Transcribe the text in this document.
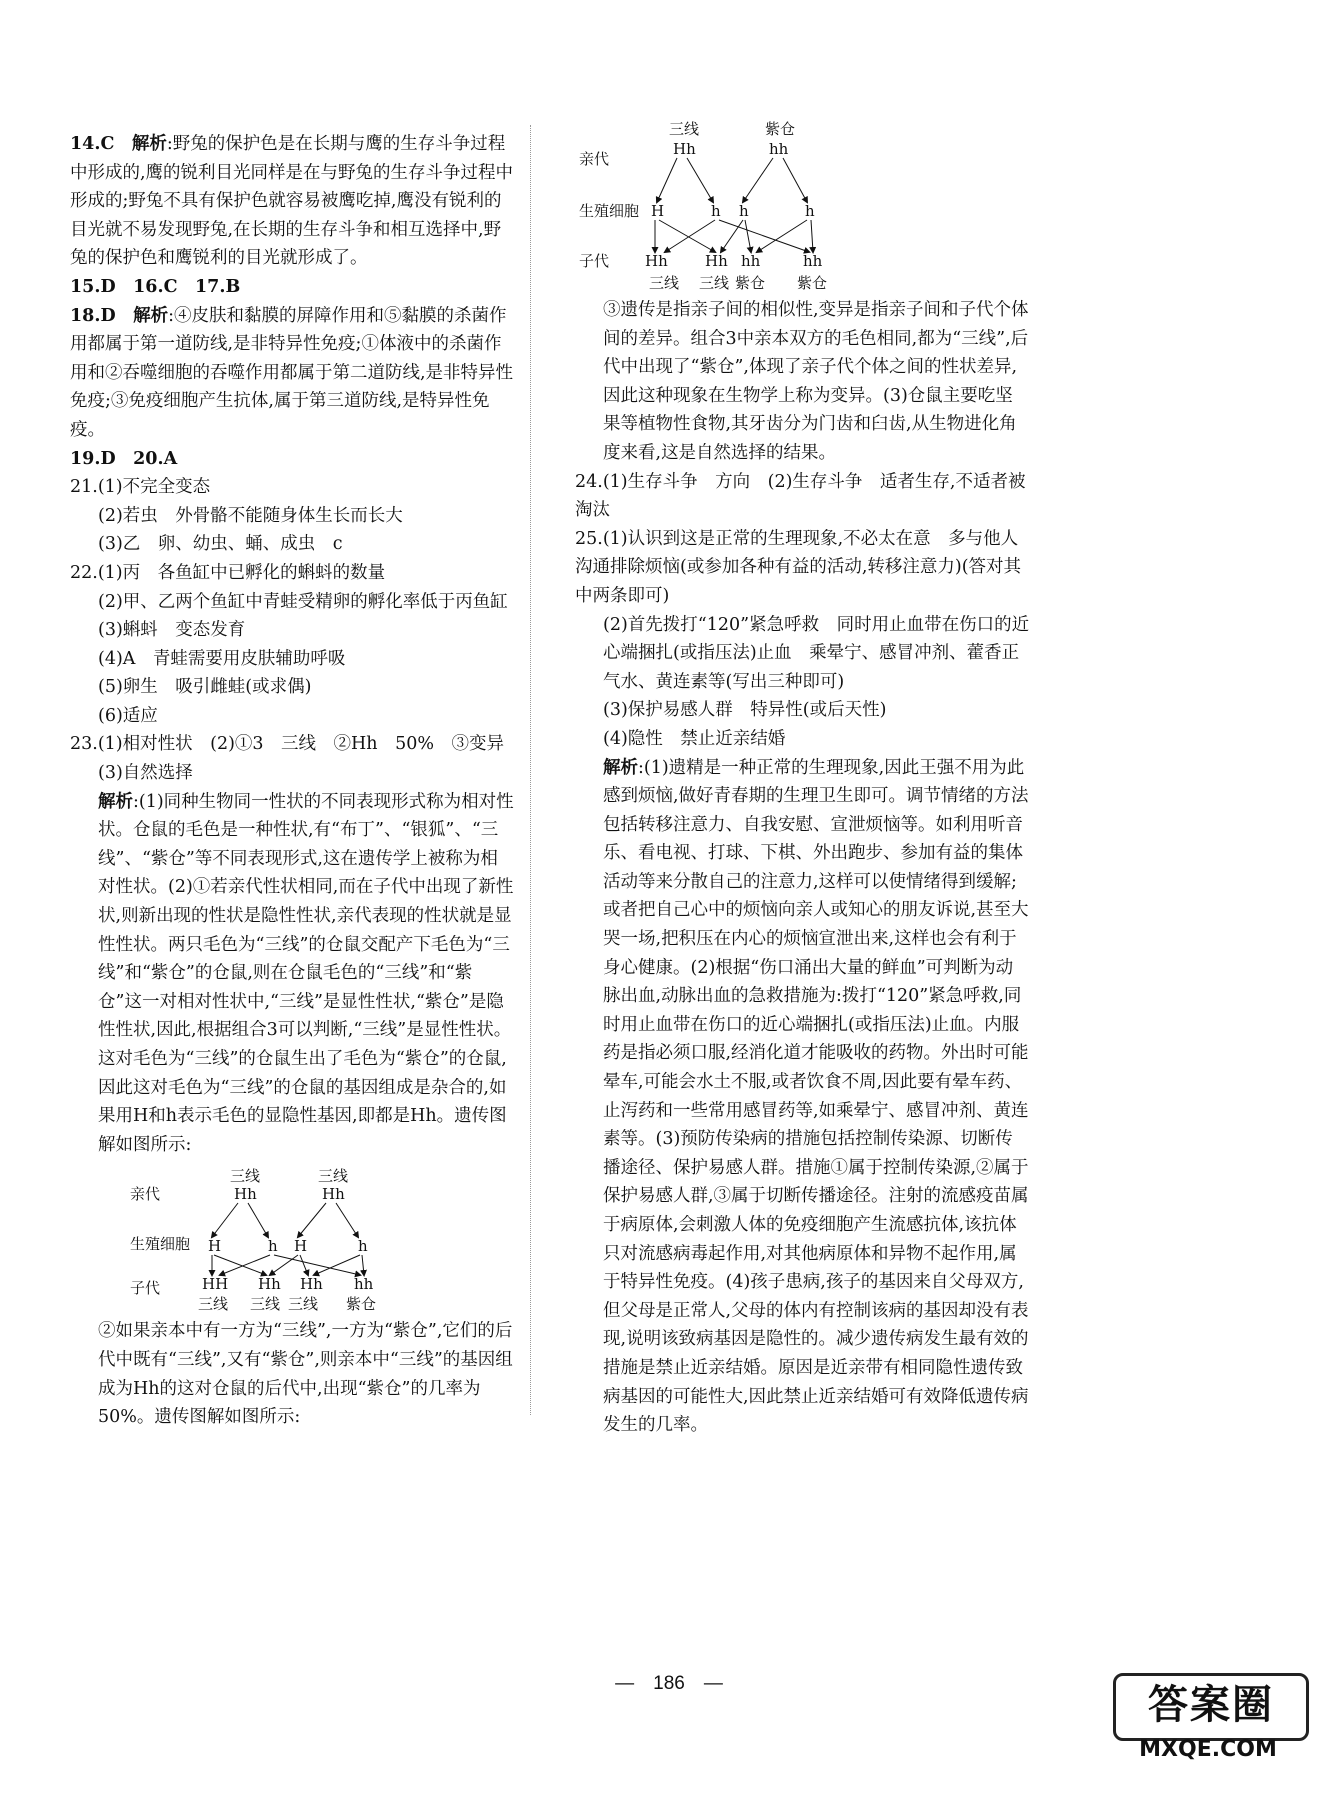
14.C　 解析:野兔的保护色是在长期与鹰的生存斗争过程中形成的,鹰的锐利目光同样是在与野兔的生存斗争过程中形成的;野兔不具有保护色就容易被鹰吃掉,鹰没有锐利的目光就不易发现野兔,在长期的生存斗争和相互选择中,野兔的保护色和鹰锐利的目光就形成了。

15.D　16.C　17.B

18.D　 解析:④皮肤和黏膜的屏障作用和⑤黏膜的杀菌作用都属于第一道防线,是非特异性免疫;①体液中的杀菌作用和②吞噬细胞的吞噬作用都属于第二道防线,是非特异性免疫;③免疫细胞产生抗体,属于第三道防线,是特异性免疫。

19.D　20.A

21.(1)不完全变态

(2)若虫　外骨骼不能随身体生长而长大

(3)乙　卵、幼虫、蛹、成虫　c

22.(1)丙　各鱼缸中已孵化的蝌蚪的数量

(2)甲、乙两个鱼缸中青蛙受精卵的孵化率低于丙鱼缸

(3)蝌蚪　变态发育

(4)A　青蛙需要用皮肤辅助呼吸

(5)卵生　吸引雌蛙(或求偶)

(6)适应

23.(1)相对性状　(2)①3　三线　②Hh　50%　③变异

(3)自然选择

解析:(1)同种生物同一性状的不同表现形式称为相对性状。仓鼠的毛色是一种性状,有“布丁”、“银狐”、“三线”、“紫仓”等不同表现形式,这在遗传学上被称为相对性状。(2)①若亲代性状相同,而在子代中出现了新性状,则新出现的性状是隐性性状,亲代表现的性状就是显性性状。两只毛色为“三线”的仓鼠交配产下毛色为“三线”和“紫仓”的仓鼠,则在仓鼠毛色的“三线”和“紫仓”这一对相对性状中,“三线”是显性性状,“紫仓”是隐性性状,因此,根据组合3可以判断,“三线”是显性性状。这对毛色为“三线”的仓鼠生出了毛色为“紫仓”的仓鼠,因此这对毛色为“三线”的仓鼠的基因组成是杂合的,如果用H和h表示毛色的显隐性基因,即都是Hh。遗传图解如图所示:

亲代
生殖细胞
子代
三线
Hh
三线
Hh
H	h H	h
HH Hh Hh hh
三线 三线 三线 紫仓

②如果亲本中有一方为“三线”,一方为“紫仓”,它们的后代中既有“三线”,又有“紫仓”,则亲本中“三线”的基因组成为Hh的这对仓鼠的后代中,出现“紫仓”的几率为50%。遗传图解如图所示:

亲代
生殖细胞
子代
三线
Hh
紫仓
hh
H	h h	h
Hh Hh hh	hh
三线 三线 紫仓 紫仓

③遗传是指亲子间的相似性,变异是指亲子间和子代个体间的差异。组合3中亲本双方的毛色相同,都为“三线”,后代中出现了“紫仓”,体现了亲子代个体之间的性状差异,因此这种现象在生物学上称为变异。(3)仓鼠主要吃坚果等植物性食物,其牙齿分为门齿和臼齿,从生物进化角度来看,这是自然选择的结果。

24.(1)生存斗争　方向　(2)生存斗争　适者生存,不适者被淘汰

25.(1)认识到这是正常的生理现象,不必太在意　多与他人沟通排除烦恼(或参加各种有益的活动,转移注意力)(答对其中两条即可)

(2)首先拨打“120”紧急呼救　同时用止血带在伤口的近心端捆扎(或指压法)止血　乘晕宁、感冒冲剂、藿香正气水、黄连素等(写出三种即可)

(3)保护易感人群　特异性(或后天性)

(4)隐性　禁止近亲结婚

解析:(1)遗精是一种正常的生理现象,因此王强不用为此感到烦恼,做好青春期的生理卫生即可。调节情绪的方法包括转移注意力、自我安慰、宣泄烦恼等。如利用听音乐、看电视、打球、下棋、外出跑步、参加有益的集体活动等来分散自己的注意力,这样可以使情绪得到缓解;或者把自己心中的烦恼向亲人或知心的朋友诉说,甚至大哭一场,把积压在内心的烦恼宣泄出来,这样也会有利于身心健康。(2)根据“伤口涌出大量的鲜血”可判断为动脉出血,动脉出血的急救措施为:拨打“120”紧急呼救,同时用止血带在伤口的近心端捆扎(或指压法)止血。内服药是指必须口服,经消化道才能吸收的药物。外出时可能晕车,可能会水土不服,或者饮食不周,因此要有晕车药、止泻药和一些常用感冒药等,如乘晕宁、感冒冲剂、黄连素等。(3)预防传染病的措施包括控制传染源、切断传播途径、保护易感人群。措施①属于控制传染源,②属于保护易感人群,③属于切断传播途径。注射的流感疫苗属于病原体,会刺激人体的免疫细胞产生流感抗体,该抗体只对流感病毒起作用,对其他病原体和异物不起作用,属于特异性免疫。(4)孩子患病,孩子的基因来自父母双方,但父母是正常人,父母的体内有控制该病的基因却没有表现,说明该致病基因是隐性的。减少遗传病发生最有效的措施是禁止近亲结婚。原因是近亲带有相同隐性遗传致病基因的可能性大,因此禁止近亲结婚可有效降低遗传病发生的几率。

—　 186　 —	答案圈
MXQE.COM
